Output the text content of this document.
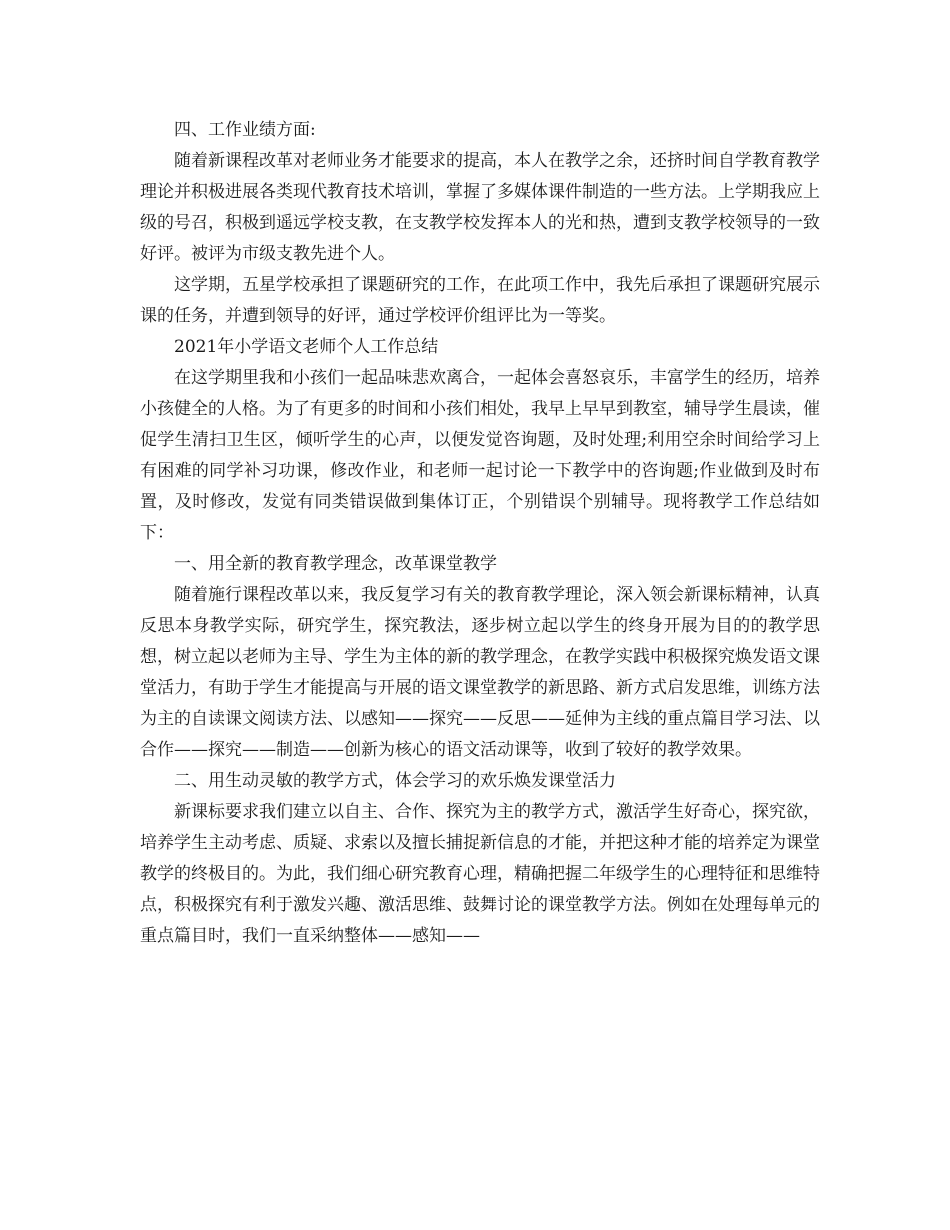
四、工作业绩方面:

随着新课程改革对老师业务才能要求的提高，本人在教学之余，还挤时间自学教育教学理论并积极进展各类现代教育技术培训，掌握了多媒体课件制造的一些方法。上学期我应上级的号召，积极到遥远学校支教，在支教学校发挥本人的光和热，遭到支教学校领导的一致好评。被评为市级支教先进个人。

这学期，五星学校承担了课题研究的工作，在此项工作中，我先后承担了课题研究展示课的任务，并遭到领导的好评，通过学校评价组评比为一等奖。

2021年小学语文老师个人工作总结

在这学期里我和小孩们一起品味悲欢离合，一起体会喜怒哀乐，丰富学生的经历，培养小孩健全的人格。为了有更多的时间和小孩们相处，我早上早早到教室，辅导学生晨读，催促学生清扫卫生区，倾听学生的心声，以便发觉咨询题，及时处理;利用空余时间给学习上有困难的同学补习功课，修改作业，和老师一起讨论一下教学中的咨询题;作业做到及时布置，及时修改，发觉有同类错误做到集体订正，个别错误个别辅导。现将教学工作总结如下：

一、用全新的教育教学理念，改革课堂教学

随着施行课程改革以来，我反复学习有关的教育教学理论，深入领会新课标精神，认真反思本身教学实际，研究学生，探究教法，逐步树立起以学生的终身开展为目的的教学思想，树立起以老师为主导、学生为主体的新的教学理念，在教学实践中积极探究焕发语文课堂活力，有助于学生才能提高与开展的语文课堂教学的新思路、新方式启发思维，训练方法为主的自读课文阅读方法、以感知——探究——反思——延伸为主线的重点篇目学习法、以合作——探究——制造——创新为核心的语文活动课等，收到了较好的教学效果。

二、用生动灵敏的教学方式，体会学习的欢乐焕发课堂活力

新课标要求我们建立以自主、合作、探究为主的教学方式，激活学生好奇心，探究欲，培养学生主动考虑、质疑、求索以及擅长捕捉新信息的才能，并把这种才能的培养定为课堂教学的终极目的。为此，我们细心研究教育心理，精确把握二年级学生的心理特征和思维特点，积极探究有利于激发兴趣、激活思维、鼓舞讨论的课堂教学方法。例如在处理每单元的重点篇目时，我们一直采纳整体——感知——
